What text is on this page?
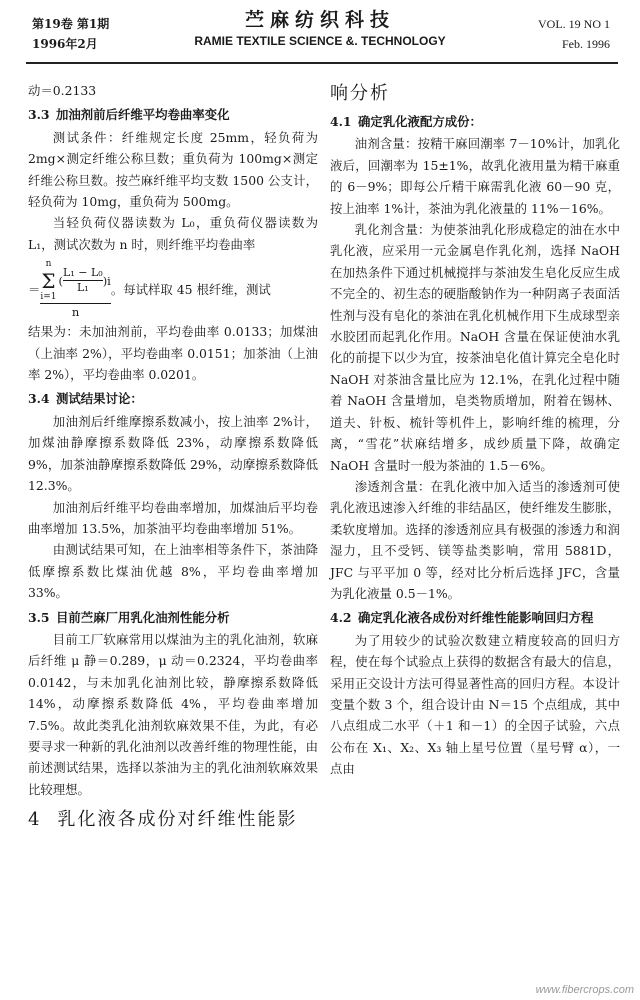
第19卷 第1期
1996年2月
苎麻纺织科技
RAMIE TEXTILE SCIENCE &. TECHNOLOGY
VOL. 19 NO 1
Feb. 1996

动＝0.2133

3.3 加油剂前后纤维平均卷曲率变化

测试条件：纤维规定长度 25mm，轻负荷为 2mg×测定纤维公称旦数；重负荷为 100mg×测定纤维公称旦数。按苎麻纤维平均支数 1500 公支计，轻负荷为 10mg，重负荷为 500mg。

当轻负荷仪器读数为 L₀，重负荷仪器读数为 L₁，测试次数为 n 时，则纤维平均卷曲率

＝
n
Σ
i=1
( $\frac{\text{L₁ − L₀}}{\text{L₁}} )i$
n
。每试样取 45 根纤维，测试

结果为：未加油剂前，平均卷曲率 0.0133；加煤油（上油率 2%），平均卷曲率 0.0151；加茶油（上油率 2%），平均卷曲率 0.0201。

3.4 测试结果讨论：

加油剂后纤维摩擦系数减小，按上油率 2%计，加煤油静摩擦系数降低 23%，动摩擦系数降低 9%，加茶油静摩擦系数降低 29%，动摩擦系数降低 12.3%。

加油剂后纤维平均卷曲率增加，加煤油后平均卷曲率增加 13.5%，加茶油平均卷曲率增加 51%。

由测试结果可知，在上油率相等条件下，茶油降低摩擦系数比煤油优越 8%，平均卷曲率增加 33%。

3.5 目前苎麻厂用乳化油剂性能分析

目前工厂软麻常用以煤油为主的乳化油剂，软麻后纤维 μ 静＝0.289，μ 动＝0.2324，平均卷曲率 0.0142，与未加乳化油剂比较，静摩擦系数降低 14%，动摩擦系数降低 4%，平均卷曲率增加 7.5%。故此类乳化油剂软麻效果不佳，为此，有必要寻求一种新的乳化油剂以改善纤维的物理性能，由前述测试结果，选择以茶油为主的乳化油剂软麻效果比较理想。

4 乳化液各成份对纤维性能影
响分析
4.1 确定乳化液配方成份：

油剂含量：按精干麻回潮率 7－10%计，加乳化液后，回潮率为 15±1%，故乳化液用量为精干麻重的 6－9%；即每公斤精干麻需乳化液 60－90 克，按上油率 1%计，茶油为乳化液量的 11%－16%。

乳化剂含量：为使茶油乳化形成稳定的油在水中乳化液，应采用一元金属皂作乳化剂，选择 NaOH 在加热条件下通过机械搅拌与茶油发生皂化反应生成不完全的、初生态的硬脂酸钠作为一种阴离子表面活性剂与没有皂化的茶油在乳化机械作用下生成球型亲水胶团而起乳化作用。NaOH 含量在保证使油水乳化的前提下以少为宜，按茶油皂化值计算完全皂化时 NaOH 对茶油含量比应为 12.1%，在乳化过程中随着 NaOH 含量增加，皂类物质增加，附着在锡林、道夫、针板、梳针等机件上，影响纤维的梳理，分离，“雪花”状麻结增多，成纱质量下降，故确定 NaOH 含量时一般为茶油的 1.5－6%。

渗透剂含量：在乳化液中加入适当的渗透剂可使乳化液迅速渗入纤维的非结晶区，使纤维发生膨胀，柔软度增加。选择的渗透剂应具有极强的渗透力和润湿力，且不受钙、镁等盐类影响，常用 5881D，JFC 与平平加 0 等，经对比分析后选择 JFC，含量为乳化液量 0.5－1%。

4.2 确定乳化液各成份对纤维性能影响回归方程

为了用较少的试验次数建立精度较高的回归方程，使在每个试验点上获得的数据含有最大的信息，采用正交设计方法可得显著性高的回归方程。本设计变量个数 3 个，组合设计由 N＝15 个点组成，其中八点组成二水平（＋1 和－1）的全因子试验，六点公布在 X₁、X₂、X₃ 轴上星号位置（星号臂 α），一点由

www.fibercrops.com
